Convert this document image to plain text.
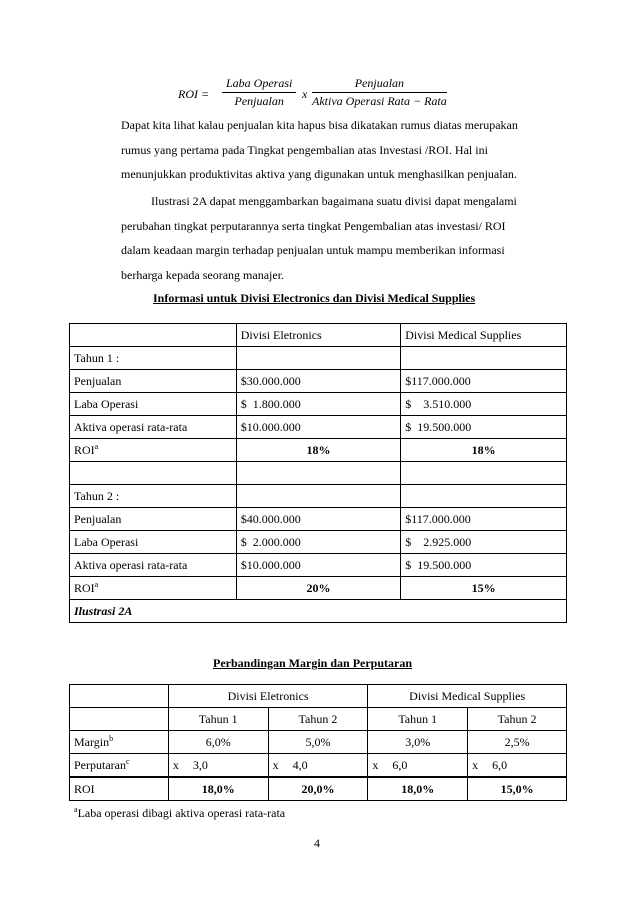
ROI =
Laba Operasi
Penjualan	x
Penjualan
Aktiva Operasi Rata − Rata

Dapat kita lihat kalau penjualan kita hapus bisa dikatakan rumus diatas merupakan

rumus yang pertama pada Tingkat pengembalian atas Investasi /ROI. Hal ini

menunjukkan produktivitas aktiva yang digunakan untuk menghasilkan penjualan.

Ilustrasi 2A dapat menggambarkan bagaimana suatu divisi dapat mengalami

perubahan tingkat perputarannya serta tingkat Pengembalian atas investasi/ ROI

dalam keadaan margin terhadap penjualan untuk mampu memberikan informasi

berharga kepada seorang manajer.

Informasi untuk Divisi Electronics dan Divisi Medical Supplies
	Divisi Eletronics	Divisi Medical Supplies
Tahun 1 :		
Penjualan	$30.000.000	$117.000.000
Laba Operasi	$  1.800.000	$    3.510.000
Aktiva operasi rata-rata	$10.000.000	$  19.500.000
ROI$^a$	18%	18%

Tahun 2 :		
Penjualan	$40.000.000	$117.000.000
Laba Operasi	$  2.000.000	$    2.925.000
Aktiva operasi rata-rata	$10.000.000	$  19.500.000
ROI$^a$	20%	15%
Ilustrasi 2A		
Perbandingan Margin dan Perputaran
	Divisi Eletronics		Divisi Medical Supplies	
	Tahun 1	Tahun 2	Tahun 1	Tahun 2
Margin$^b$	6,0%	5,0%	3,0%	2,5%
Perputaran$^c$	x 3,0	x 4,0	x 6,0	x 6,0
ROI	18,0%	20,0%	18,0%	15,0%
$^a$Laba operasi dibagi aktiva operasi rata-rata
4
